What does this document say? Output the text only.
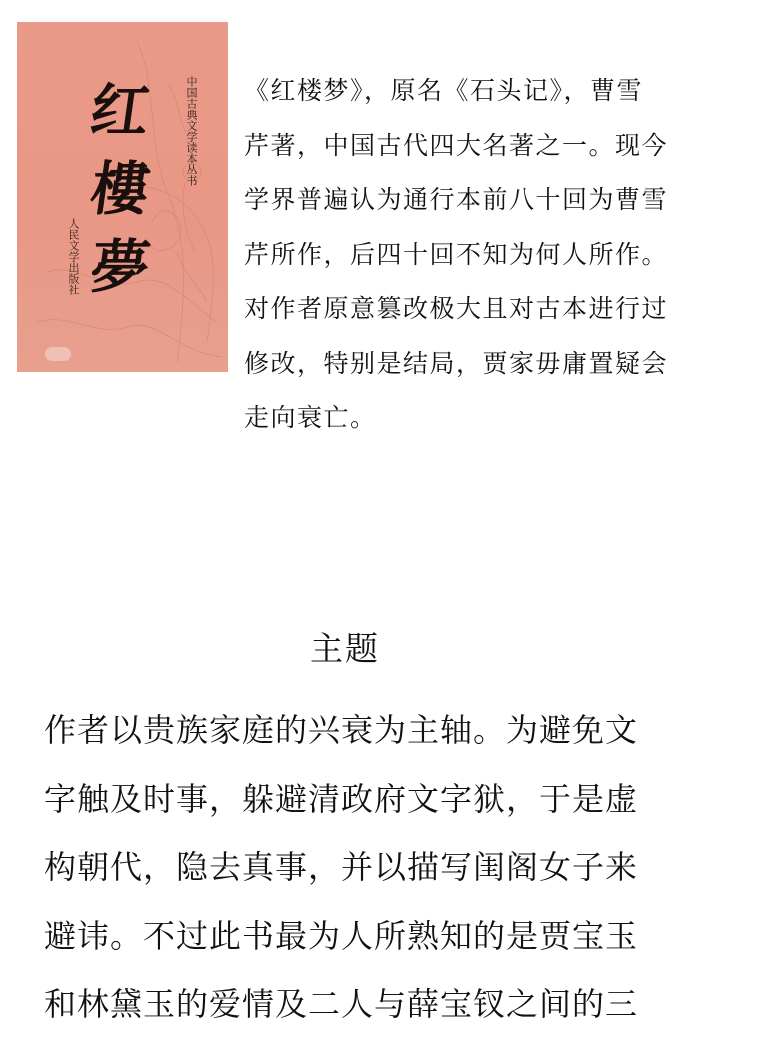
红
樓
夢
中国古典文学读本丛书
人民文学出版社

《红楼梦》，原名《石头记》，曹雪

芹著，中国古代四大名著之一。现今

学界普遍认为通行本前八十回为曹雪

芹所作，后四十回不知为何人所作。

对作者原意篡改极大且对古本进行过

修改，特别是结局，贾家毋庸置疑会

走向衰亡。

主题

作者以贵族家庭的兴衰为主轴。为避免文

字触及时事，躲避清政府文字狱，于是虚

构朝代，隐去真事，并以描写闺阁女子来

避讳。不过此书最为人所熟知的是贾宝玉

和林黛玉的爱情及二人与薛宝钗之间的三
